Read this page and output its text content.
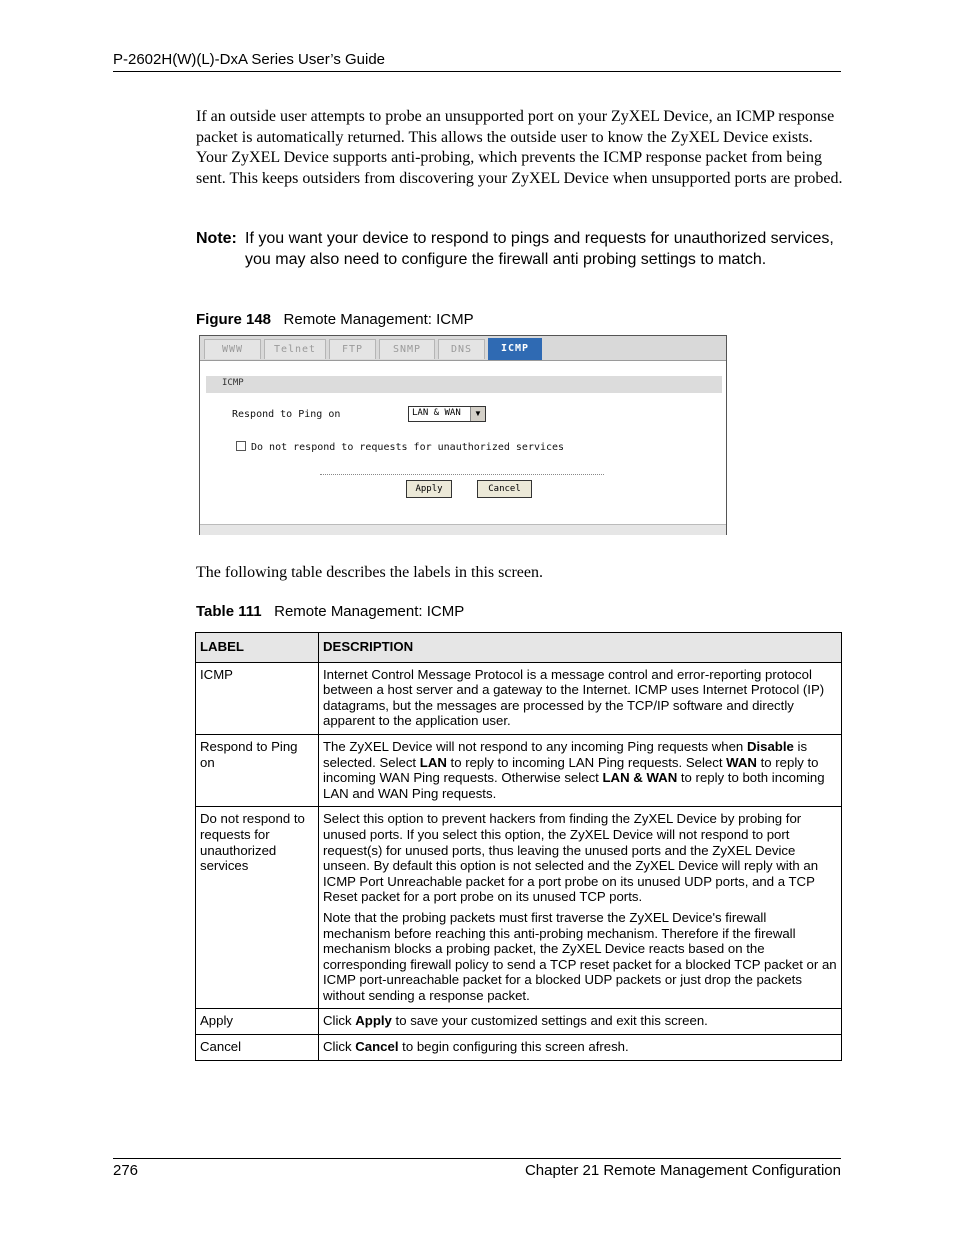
P-2602H(W)(L)-DxA Series User’s Guide
If an outside user attempts to probe an unsupported port on your ZyXEL Device, an ICMP response packet is automatically returned. This allows the outside user to know the ZyXEL Device exists. Your ZyXEL Device supports anti-probing, which prevents the ICMP response packet from being sent. This keeps outsiders from discovering your ZyXEL Device when unsupported ports are probed.
Note: If you want your device to respond to pings and requests for unauthorized services, you may also need to configure the firewall anti probing settings to match.
Figure 148 Remote Management: ICMP
WWW	Telnet	FTP	SNMP	DNS	ICMP
ICMP
Respond to Ping on	LAN & WAN	▼
Do not respond to requests for unauthorized services
Apply	Cancel
The following table describes the labels in this screen.
Table 111 Remote Management: ICMP
LABEL	DESCRIPTION
ICMP	Internet Control Message Protocol is a message control and error-reporting protocol between a host server and a gateway to the Internet. ICMP uses Internet Protocol (IP) datagrams, but the messages are processed by the TCP/IP software and directly apparent to the application user.

Respond to Ping on	The ZyXEL Device will not respond to any incoming Ping requests when Disable is selected. Select LAN to reply to incoming LAN Ping requests. Select WAN to reply to incoming WAN Ping requests. Otherwise select LAN & WAN to reply to both incoming LAN and WAN Ping requests.

Do not respond to requests for unauthorized services	Select this option to prevent hackers from finding the ZyXEL Device by probing for unused ports. If you select this option, the ZyXEL Device will not respond to port request(s) for unused ports, thus leaving the unused ports and the ZyXEL Device unseen. By default this option is not selected and the ZyXEL Device will reply with an ICMP Port Unreachable packet for a port probe on its unused UDP ports, and a TCP Reset packet for a port probe on its unused TCP ports.

Note that the probing packets must first traverse the ZyXEL Device's firewall mechanism before reaching this anti-probing mechanism. Therefore if the firewall mechanism blocks a probing packet, the ZyXEL Device reacts based on the corresponding firewall policy to send a TCP reset packet for a blocked TCP packet or an ICMP port-unreachable packet for a blocked UDP packets or just drop the packets without sending a response packet.

Apply	Click Apply to save your customized settings and exit this screen.

Cancel	Click Cancel to begin configuring this screen afresh.

276	Chapter 21 Remote Management Configuration
